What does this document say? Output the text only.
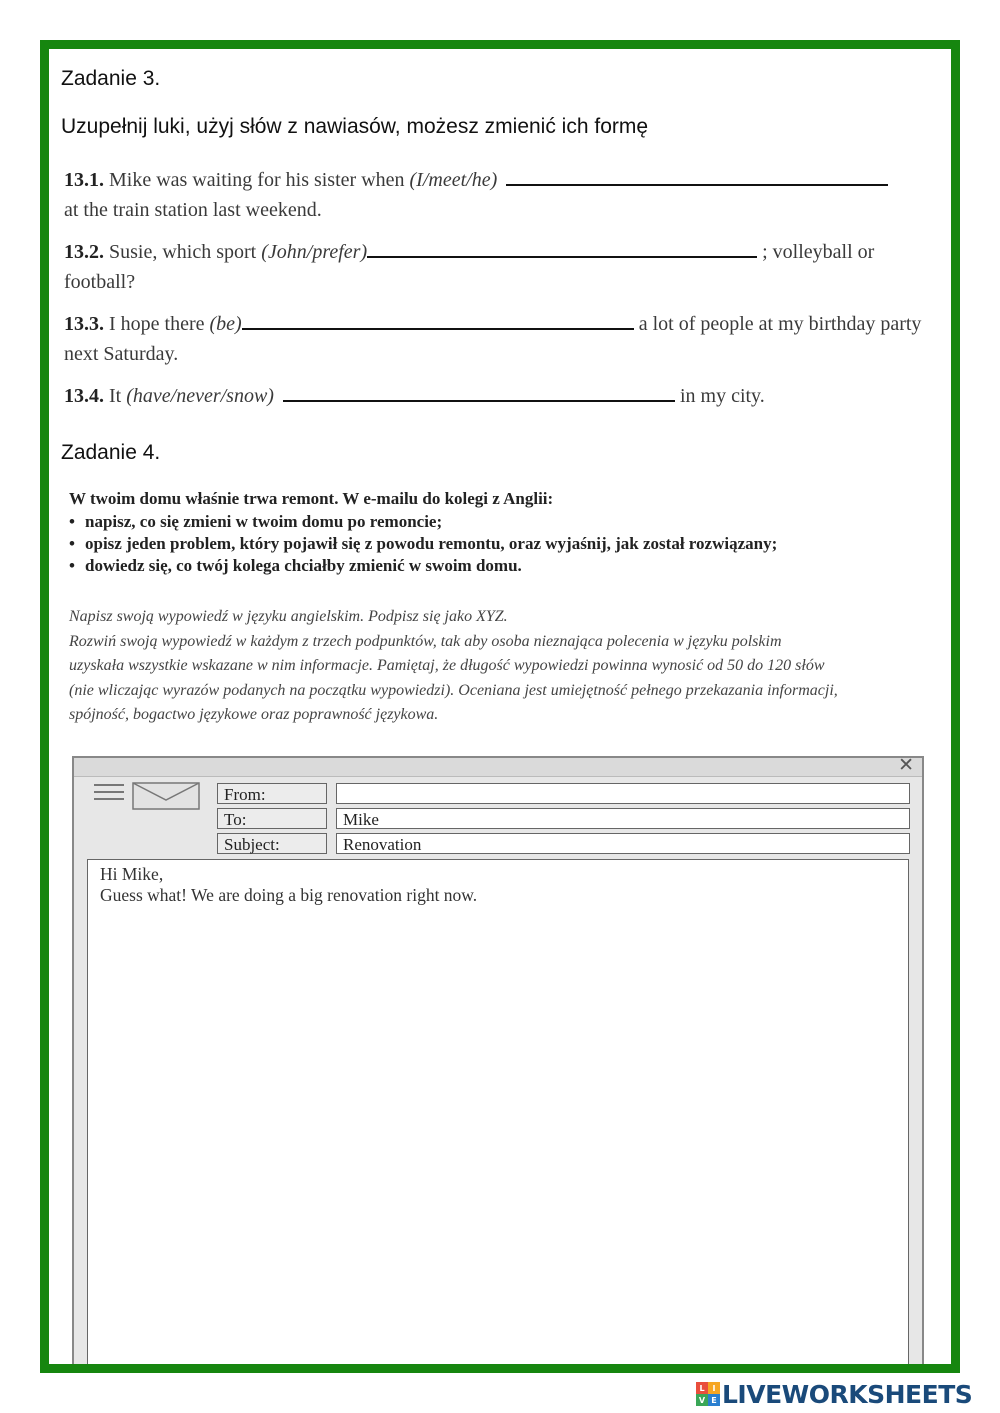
Zadanie 3.
Uzupełnij luki, użyj słów z nawiasów, możesz zmienić ich formę
13.1. Mike was waiting for his sister when (I/meet/he)
at the train station last weekend.
13.2. Susie, which sport (John/prefer)	; volleyball or football?
13.3. I hope there (be)	a lot of people at my birthday party next Saturday.
13.4. It (have/never/snow)	in my city.
Zadanie 4.
W twoim domu właśnie trwa remont. W e-mailu do kolegi z Anglii:
• napisz, co się zmieni w twoim domu po remoncie;
• opisz jeden problem, który pojawił się z powodu remontu, oraz wyjaśnij, jak został rozwiązany;
• dowiedz się, co twój kolega chciałby zmienić w swoim domu.
Napisz swoją wypowiedź w języku angielskim. Podpisz się jako XYZ.
Rozwiń swoją wypowiedź w każdym z trzech podpunktów, tak aby osoba nieznająca polecenia w języku polskim uzyskała wszystkie wskazane w nim informacje. Pamiętaj, że długość wypowiedzi powinna wynosić od 50 do 120 słów (nie wliczając wyrazów podanych na początku wypowiedzi). Oceniana jest umiejętność pełnego przekazania informacji, spójność, bogactwo językowe oraz poprawność językowa.
✕
From:
To:	Mike
Subject:	Renovation
Hi Mike,
Guess what! We are doing a big renovation right now.
L I
V E LIVEWORKSHEETS
